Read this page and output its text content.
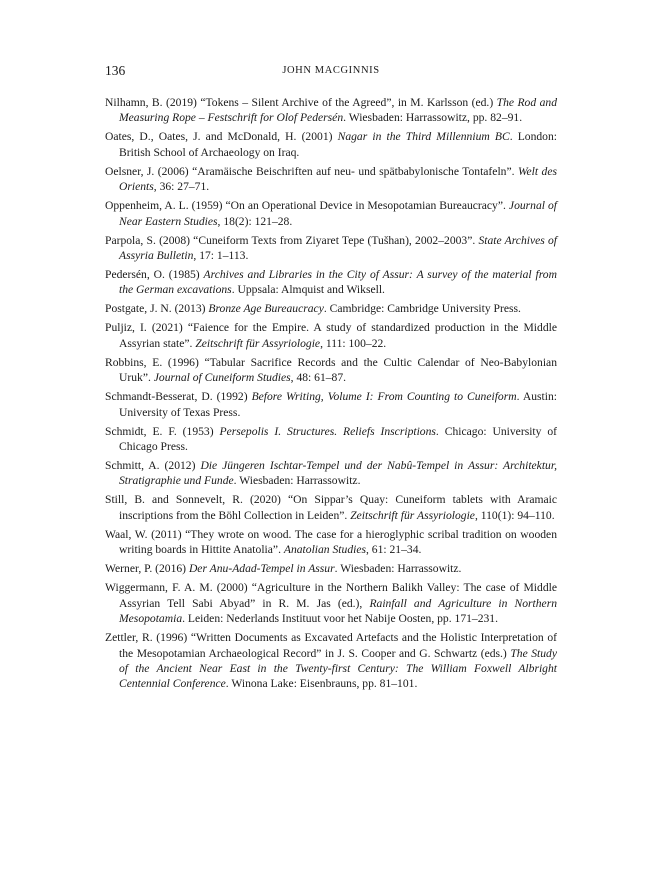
136	JOHN MACGINNIS
Nilhamn, B. (2019) “Tokens – Silent Archive of the Agreed”, in M. Karlsson (ed.) The Rod and Measuring Rope – Festschrift for Olof Pedersén. Wiesbaden: Harrassowitz, pp. 82–91.
Oates, D., Oates, J. and McDonald, H. (2001) Nagar in the Third Millennium BC. London: British School of Archaeology on Iraq.
Oelsner, J. (2006) “Aramäische Beischriften auf neu- und spätbabylonische Tontafeln”. Welt des Orients, 36: 27–71.
Oppenheim, A. L. (1959) “On an Operational Device in Mesopotamian Bureaucracy”. Journal of Near Eastern Studies, 18(2): 121–28.
Parpola, S. (2008) “Cuneiform Texts from Ziyaret Tepe (Tušhan), 2002–2003”. State Archives of Assyria Bulletin, 17: 1–113.
Pedersén, O. (1985) Archives and Libraries in the City of Assur: A survey of the material from the German excavations. Uppsala: Almquist and Wiksell.
Postgate, J. N. (2013) Bronze Age Bureaucracy. Cambridge: Cambridge University Press.
Puljiz, I. (2021) “Faience for the Empire. A study of standardized production in the Middle Assyrian state”. Zeitschrift für Assyriologie, 111: 100–22.
Robbins, E. (1996) “Tabular Sacrifice Records and the Cultic Calendar of Neo-Babylonian Uruk”. Journal of Cuneiform Studies, 48: 61–87.
Schmandt-Besserat, D. (1992) Before Writing, Volume I: From Counting to Cuneiform. Austin: University of Texas Press.
Schmidt, E. F. (1953) Persepolis I. Structures. Reliefs Inscriptions. Chicago: University of Chicago Press.
Schmitt, A. (2012) Die Jüngeren Ischtar-Tempel und der Nabû-Tempel in Assur: Architektur, Stratigraphie und Funde. Wiesbaden: Harrassowitz.
Still, B. and Sonnevelt, R. (2020) “On Sippar’s Quay: Cuneiform tablets with Aramaic inscriptions from the Böhl Collection in Leiden”. Zeitschrift für Assyriologie, 110(1): 94–110.
Waal, W. (2011) “They wrote on wood. The case for a hieroglyphic scribal tradition on wooden writing boards in Hittite Anatolia”. Anatolian Studies, 61: 21–34.
Werner, P. (2016) Der Anu-Adad-Tempel in Assur. Wiesbaden: Harrassowitz.
Wiggermann, F. A. M. (2000) “Agriculture in the Northern Balikh Valley: The case of Middle Assyrian Tell Sabi Abyad” in R. M. Jas (ed.), Rainfall and Agriculture in Northern Mesopotamia. Leiden: Nederlands Instituut voor het Nabije Oosten, pp. 171–231.
Zettler, R. (1996) “Written Documents as Excavated Artefacts and the Holistic Interpretation of the Mesopotamian Archaeological Record” in J. S. Cooper and G. Schwartz (eds.) The Study of the Ancient Near East in the Twenty-first Century: The William Foxwell Albright Centennial Conference. Winona Lake: Eisenbrauns, pp. 81–101.
